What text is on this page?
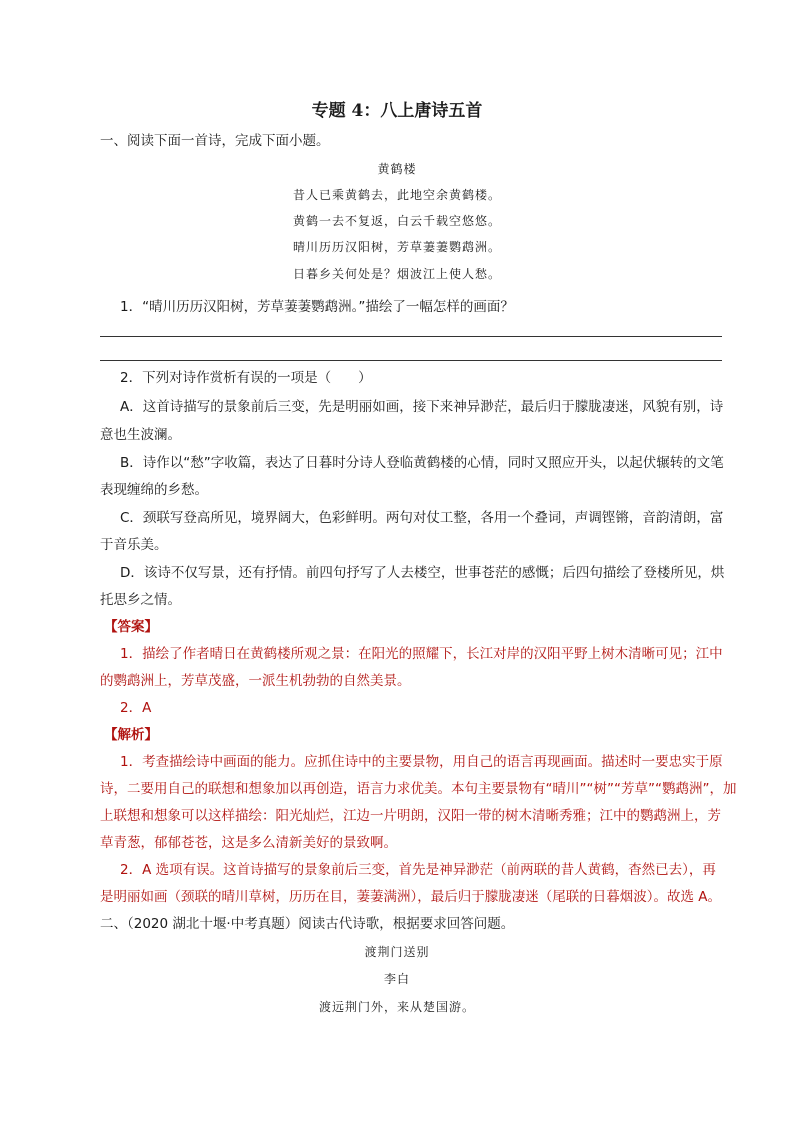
专题 4：八上唐诗五首
一、阅读下面一首诗，完成下面小题。
黄鹤楼
昔人已乘黄鹤去，此地空余黄鹤楼。
黄鹤一去不复返，白云千载空悠悠。
晴川历历汉阳树，芳草萋萋鹦鹉洲。
日暮乡关何处是？烟波江上使人愁。
1．“晴川历历汉阳树，芳草萋萋鹦鹉洲。”描绘了一幅怎样的画面？
2．下列对诗作赏析有误的一项是（　　）
A．这首诗描写的景象前后三变，先是明丽如画，接下来神异渺茫，最后归于朦胧凄迷，风貌有别，诗
意也生波澜。
B．诗作以“愁”字收篇，表达了日暮时分诗人登临黄鹤楼的心情，同时又照应开头，以起伏辗转的文笔
表现缠绵的乡愁。
C．颈联写登高所见，境界阔大，色彩鲜明。两句对仗工整，各用一个叠词，声调铿锵，音韵清朗，富
于音乐美。
D．该诗不仅写景，还有抒情。前四句抒写了人去楼空，世事苍茫的感慨；后四句描绘了登楼所见，烘
托思乡之情。
【答案】
1．描绘了作者晴日在黄鹤楼所观之景：在阳光的照耀下，长江对岸的汉阳平野上树木清晰可见；江中
的鹦鹉洲上，芳草茂盛，一派生机勃勃的自然美景。
2．A
【解析】
1．考查描绘诗中画面的能力。应抓住诗中的主要景物，用自己的语言再现画面。描述时一要忠实于原
诗，二要用自己的联想和想象加以再创造，语言力求优美。本句主要景物有“晴川”“树”“芳草”“鹦鹉洲”，加
上联想和想象可以这样描绘：阳光灿烂，江边一片明朗，汉阳一带的树木清晰秀雅；江中的鹦鹉洲上，芳
草青葱，郁郁苍苍，这是多么清新美好的景致啊。
2．A 选项有误。这首诗描写的景象前后三变，首先是神异渺茫（前两联的昔人黄鹤，杳然已去），再
是明丽如画（颈联的晴川草树，历历在目，萋萋满洲），最后归于朦胧凄迷（尾联的日暮烟波）。故选 A。
二、（2020 湖北十堰·中考真题）阅读古代诗歌，根据要求回答问题。
渡荆门送别
李白
渡远荆门外，来从楚国游。
